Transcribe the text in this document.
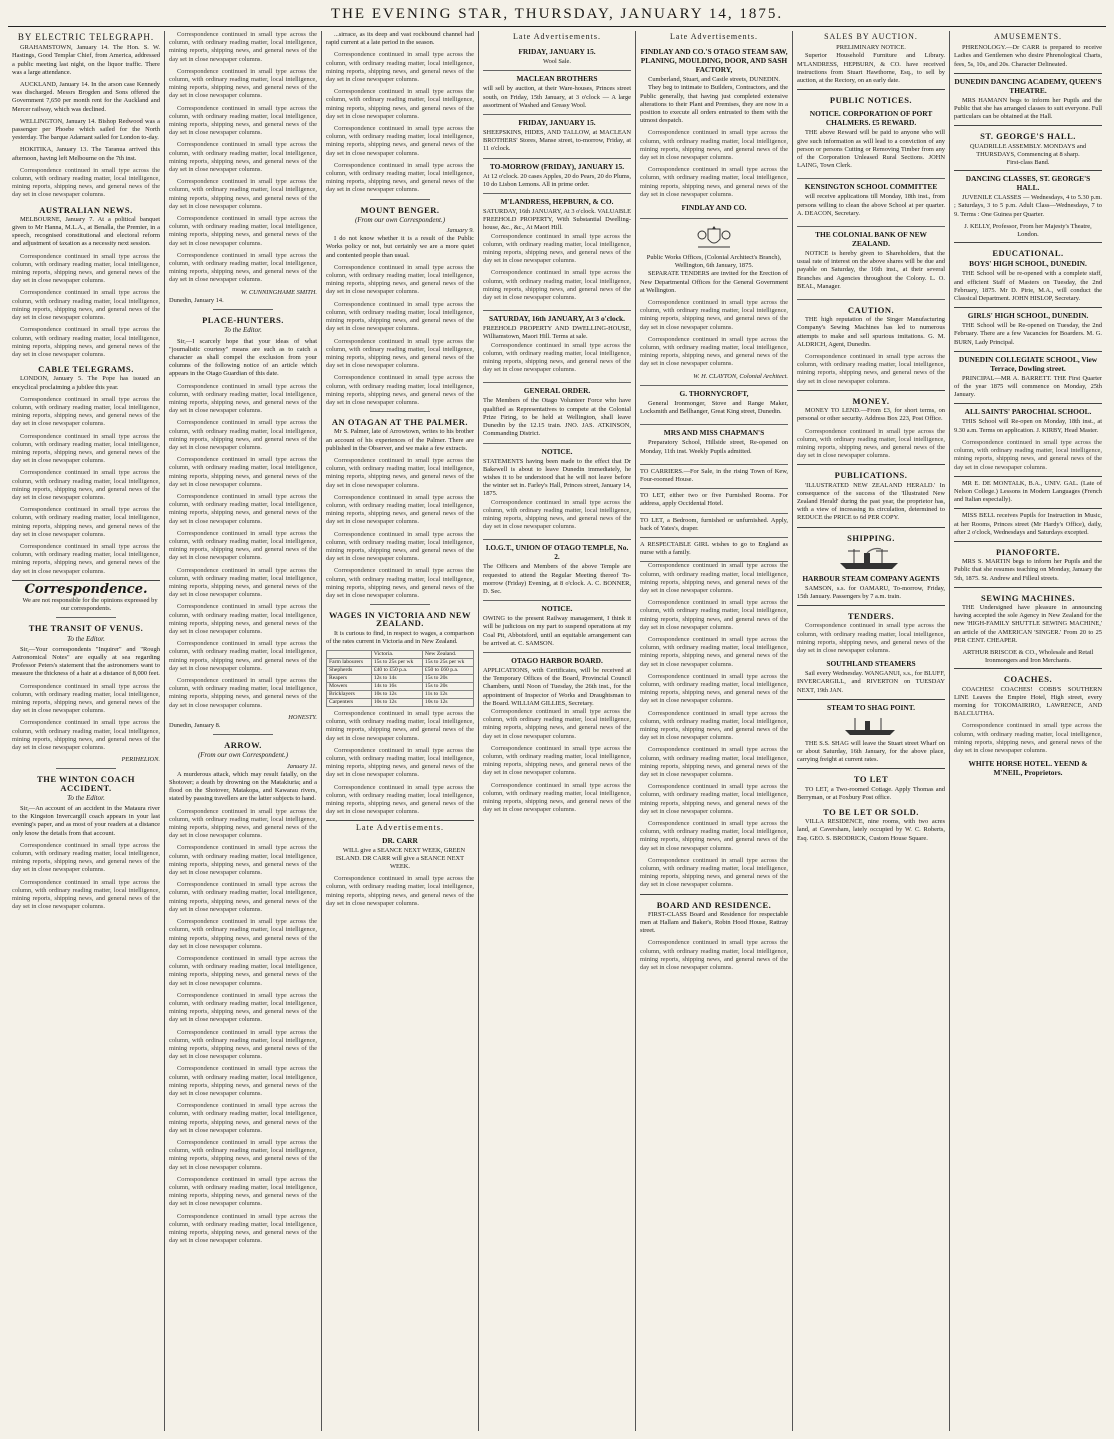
THE EVENING STAR, THURSDAY, JANUARY 14, 1875.
BY ELECTRIC TELEGRAPH.

GRAHAMSTOWN, January 14. The Hon. S. W. Hastings, Good Templar Chief, from America, addressed a public meeting last night, on the liquor traffic. There was a large attendance.

AUCKLAND, January 14. In the arson case Kennedy was discharged. Messrs Brogden and Sons offered the Government 7,650 per month rent for the Auckland and Mercer railway, which was declined.

WELLINGTON, January 14. Bishop Redwood was a passenger per Phoebe which sailed for the North yesterday. The barque Adamant sailed for London to-day.

HOKITIKA, January 13. The Taranua arrived this afternoon, having left Melbourne on the 7th inst.

Correspondence continued in small type across the column, with ordinary reading matter, local intelligence, mining reports, shipping news, and general news of the day set in close newspaper columns.

AUSTRALIAN NEWS.

MELBOURNE, January 7. At a political banquet given to Mr Hanna, M.L.A., at Benalla, the Premier, in a speech, recognised constitutional and electoral reform and adjustment of taxation as a necessity next session.

Correspondence continued in small type across the column, with ordinary reading matter, local intelligence, mining reports, shipping news, and general news of the day set in close newspaper columns.

Correspondence continued in small type across the column, with ordinary reading matter, local intelligence, mining reports, shipping news, and general news of the day set in close newspaper columns.

Correspondence continued in small type across the column, with ordinary reading matter, local intelligence, mining reports, shipping news, and general news of the day set in close newspaper columns.

CABLE TELEGRAMS.

LONDON, January 5. The Pope has issued an encyclical proclaiming a jubilee this year.

Correspondence continued in small type across the column, with ordinary reading matter, local intelligence, mining reports, shipping news, and general news of the day set in close newspaper columns.

Correspondence continued in small type across the column, with ordinary reading matter, local intelligence, mining reports, shipping news, and general news of the day set in close newspaper columns.

Correspondence continued in small type across the column, with ordinary reading matter, local intelligence, mining reports, shipping news, and general news of the day set in close newspaper columns.

Correspondence continued in small type across the column, with ordinary reading matter, local intelligence, mining reports, shipping news, and general news of the day set in close newspaper columns.

Correspondence continued in small type across the column, with ordinary reading matter, local intelligence, mining reports, shipping news, and general news of the day set in close newspaper columns.

Correspondence.

We are not responsible for the opinions expressed by our correspondents.

THE TRANSIT OF VENUS.
To the Editor.

Sir,—Your correspondents "Inquirer" and "Rough Astronomical Notes" are equally at sea regarding Professor Peters's statement that the astronomers want to measure the thickness of a hair at a distance of 8,000 feet.

Correspondence continued in small type across the column, with ordinary reading matter, local intelligence, mining reports, shipping news, and general news of the day set in close newspaper columns.

Correspondence continued in small type across the column, with ordinary reading matter, local intelligence, mining reports, shipping news, and general news of the day set in close newspaper columns.

PERIHELION.
THE WINTON COACH ACCIDENT.
To the Editor.

Sir,—An account of an accident in the Mataura river to the Kingston Invercargill coach appears in your last evening's paper, and as most of your readers at a distance only know the details from that account.

Correspondence continued in small type across the column, with ordinary reading matter, local intelligence, mining reports, shipping news, and general news of the day set in close newspaper columns.

Correspondence continued in small type across the column, with ordinary reading matter, local intelligence, mining reports, shipping news, and general news of the day set in close newspaper columns.

Correspondence continued in small type across the column, with ordinary reading matter, local intelligence, mining reports, shipping news, and general news of the day set in close newspaper columns.

Correspondence continued in small type across the column, with ordinary reading matter, local intelligence, mining reports, shipping news, and general news of the day set in close newspaper columns.

Correspondence continued in small type across the column, with ordinary reading matter, local intelligence, mining reports, shipping news, and general news of the day set in close newspaper columns.

Correspondence continued in small type across the column, with ordinary reading matter, local intelligence, mining reports, shipping news, and general news of the day set in close newspaper columns.

Correspondence continued in small type across the column, with ordinary reading matter, local intelligence, mining reports, shipping news, and general news of the day set in close newspaper columns.

Correspondence continued in small type across the column, with ordinary reading matter, local intelligence, mining reports, shipping news, and general news of the day set in close newspaper columns.

Correspondence continued in small type across the column, with ordinary reading matter, local intelligence, mining reports, shipping news, and general news of the day set in close newspaper columns.

W. CUNNINGHAME SMITH.
Dunedin, January 14.
PLACE-HUNTERS.
To the Editor.

Sir,—I scarcely hope that your ideas of what "journalistic courtesy" means are such as to catch a character as shall compel the exclusion from your columns of the following notice of an article which appears in the Otago Guardian of this date.

Correspondence continued in small type across the column, with ordinary reading matter, local intelligence, mining reports, shipping news, and general news of the day set in close newspaper columns.

Correspondence continued in small type across the column, with ordinary reading matter, local intelligence, mining reports, shipping news, and general news of the day set in close newspaper columns.

Correspondence continued in small type across the column, with ordinary reading matter, local intelligence, mining reports, shipping news, and general news of the day set in close newspaper columns.

Correspondence continued in small type across the column, with ordinary reading matter, local intelligence, mining reports, shipping news, and general news of the day set in close newspaper columns.

Correspondence continued in small type across the column, with ordinary reading matter, local intelligence, mining reports, shipping news, and general news of the day set in close newspaper columns.

Correspondence continued in small type across the column, with ordinary reading matter, local intelligence, mining reports, shipping news, and general news of the day set in close newspaper columns.

Correspondence continued in small type across the column, with ordinary reading matter, local intelligence, mining reports, shipping news, and general news of the day set in close newspaper columns.

Correspondence continued in small type across the column, with ordinary reading matter, local intelligence, mining reports, shipping news, and general news of the day set in close newspaper columns.

Correspondence continued in small type across the column, with ordinary reading matter, local intelligence, mining reports, shipping news, and general news of the day set in close newspaper columns.

HONESTY.
Dunedin, January 8.
ARROW.
(From our own Correspondent.)
January 11.

A murderous attack, which may result fatally, on the Shotover; a death by drowning on the Matakiuria; and a flood on the Shotover, Matakopa, and Kawarau rivers, stated by passing travellers are the latter subjects to hand.

Correspondence continued in small type across the column, with ordinary reading matter, local intelligence, mining reports, shipping news, and general news of the day set in close newspaper columns.

Correspondence continued in small type across the column, with ordinary reading matter, local intelligence, mining reports, shipping news, and general news of the day set in close newspaper columns.

Correspondence continued in small type across the column, with ordinary reading matter, local intelligence, mining reports, shipping news, and general news of the day set in close newspaper columns.

Correspondence continued in small type across the column, with ordinary reading matter, local intelligence, mining reports, shipping news, and general news of the day set in close newspaper columns.

Correspondence continued in small type across the column, with ordinary reading matter, local intelligence, mining reports, shipping news, and general news of the day set in close newspaper columns.

Correspondence continued in small type across the column, with ordinary reading matter, local intelligence, mining reports, shipping news, and general news of the day set in close newspaper columns.

Correspondence continued in small type across the column, with ordinary reading matter, local intelligence, mining reports, shipping news, and general news of the day set in close newspaper columns.

Correspondence continued in small type across the column, with ordinary reading matter, local intelligence, mining reports, shipping news, and general news of the day set in close newspaper columns.

Correspondence continued in small type across the column, with ordinary reading matter, local intelligence, mining reports, shipping news, and general news of the day set in close newspaper columns.

Correspondence continued in small type across the column, with ordinary reading matter, local intelligence, mining reports, shipping news, and general news of the day set in close newspaper columns.

Correspondence continued in small type across the column, with ordinary reading matter, local intelligence, mining reports, shipping news, and general news of the day set in close newspaper columns.

Correspondence continued in small type across the column, with ordinary reading matter, local intelligence, mining reports, shipping news, and general news of the day set in close newspaper columns.

...sirrace, as its deep and vast rockbound channel had rapid current at a late period in the season.

Correspondence continued in small type across the column, with ordinary reading matter, local intelligence, mining reports, shipping news, and general news of the day set in close newspaper columns.

Correspondence continued in small type across the column, with ordinary reading matter, local intelligence, mining reports, shipping news, and general news of the day set in close newspaper columns.

Correspondence continued in small type across the column, with ordinary reading matter, local intelligence, mining reports, shipping news, and general news of the day set in close newspaper columns.

Correspondence continued in small type across the column, with ordinary reading matter, local intelligence, mining reports, shipping news, and general news of the day set in close newspaper columns.

MOUNT BENGER.
(From our own Correspondent.)
January 9.

I do not know whether it is a result of the Public Works policy or not, but certainly we are a more quiet and contented people than usual.

Correspondence continued in small type across the column, with ordinary reading matter, local intelligence, mining reports, shipping news, and general news of the day set in close newspaper columns.

Correspondence continued in small type across the column, with ordinary reading matter, local intelligence, mining reports, shipping news, and general news of the day set in close newspaper columns.

Correspondence continued in small type across the column, with ordinary reading matter, local intelligence, mining reports, shipping news, and general news of the day set in close newspaper columns.

Correspondence continued in small type across the column, with ordinary reading matter, local intelligence, mining reports, shipping news, and general news of the day set in close newspaper columns.

AN OTAGAN AT THE PALMER.

Mr S. Palmer, late of Arrowtown, writes to his brother an account of his experiences of the Palmer. There are published in the Observer, and we make a few extracts.

Correspondence continued in small type across the column, with ordinary reading matter, local intelligence, mining reports, shipping news, and general news of the day set in close newspaper columns.

Correspondence continued in small type across the column, with ordinary reading matter, local intelligence, mining reports, shipping news, and general news of the day set in close newspaper columns.

Correspondence continued in small type across the column, with ordinary reading matter, local intelligence, mining reports, shipping news, and general news of the day set in close newspaper columns.

Correspondence continued in small type across the column, with ordinary reading matter, local intelligence, mining reports, shipping news, and general news of the day set in close newspaper columns.

WAGES IN VICTORIA AND NEW ZEALAND.

It is curious to find, in respect to wages, a comparison of the rates current in Victoria and in New Zealand.

	Victoria.	New Zealand.
Farm labourers	15s to 25s per wk	15s to 25s per wk
Shepherds	£40 to £50 p.a.	£50 to £60 p.a.
Reapers	12s to 14s	15s to 20s
Mowers	14s to 16s	15s to 20s
Bricklayers	10s to 12s	11s to 12s
Carpenters	10s to 12s	10s to 12s

Correspondence continued in small type across the column, with ordinary reading matter, local intelligence, mining reports, shipping news, and general news of the day set in close newspaper columns.

Correspondence continued in small type across the column, with ordinary reading matter, local intelligence, mining reports, shipping news, and general news of the day set in close newspaper columns.

Correspondence continued in small type across the column, with ordinary reading matter, local intelligence, mining reports, shipping news, and general news of the day set in close newspaper columns.

Late Advertisements.
DR. CARR

WILL give a SEANCE NEXT WEEK, GREEN ISLAND. DR CARR will give a SEANCE NEXT WEEK.

Correspondence continued in small type across the column, with ordinary reading matter, local intelligence, mining reports, shipping news, and general news of the day set in close newspaper columns.

Late Advertisements.
FRIDAY, JANUARY 15.
Wool Sale.
MACLEAN BROTHERS
will sell by auction, at their Ware-houses, Princes street south, on Friday, 15th January, at 3 o'clock — A large assortment of Washed and Greasy Wool.
FRIDAY, JANUARY 15.
SHEEPSKINS, HIDES, AND TALLOW, at MACLEAN BROTHERS' Stores, Manse street, to-morrow, Friday, at 11 o'clock.
TO-MORROW (FRIDAY), JANUARY 15.
At 12 o'clock. 20 cases Apples, 20 do Pears, 20 do Plums, 10 do Lisbon Lemons. All in prime order.
M'LANDRESS, HEPBURN, & CO.
SATURDAY, 16th JANUARY, At 3 o'clock. VALUABLE FREEHOLD PROPERTY, With Substantial Dwelling-house, &c., &c., At Maori Hill.

Correspondence continued in small type across the column, with ordinary reading matter, local intelligence, mining reports, shipping news, and general news of the day set in close newspaper columns.

Correspondence continued in small type across the column, with ordinary reading matter, local intelligence, mining reports, shipping news, and general news of the day set in close newspaper columns.

SATURDAY, 16th JANUARY, At 3 o'clock.
FREEHOLD PROPERTY AND DWELLING-HOUSE, Williamstown, Maori Hill. Terms at sale.

Correspondence continued in small type across the column, with ordinary reading matter, local intelligence, mining reports, shipping news, and general news of the day set in close newspaper columns.

GENERAL ORDER.
The Members of the Otago Volunteer Force who have qualified as Representatives to compete at the Colonial Prize Firing, to be held at Wellington, shall leave Dunedin by the 12.15 train. JNO. JAS. ATKINSON, Commanding District.
NOTICE.
STATEMENTS having been made to the effect that Dr Bakewell is about to leave Dunedin immediately, he wishes it to be understood that he will not leave before the winter set in. Farley's Hall, Princes street, January 14, 1875.

Correspondence continued in small type across the column, with ordinary reading matter, local intelligence, mining reports, shipping news, and general news of the day set in close newspaper columns.

I.O.G.T., UNION OF OTAGO TEMPLE, No. 2.
The Officers and Members of the above Temple are requested to attend the Regular Meeting thereof To-morrow (Friday) Evening, at 8 o'clock. A. C. BONNER, D. Sec.
NOTICE.
OWING to the present Railway management, I think it will be judicious on my part to suspend operations at my Coal Pit, Abbotsford, until an equitable arrangement can be arrived at. C. SAMSON.
OTAGO HARBOR BOARD.
APPLICATIONS, with Certificates, will be received at the Temporary Offices of the Board, Provincial Council Chambers, until Noon of Tuesday, the 26th inst., for the appointment of Inspector of Works and Draughtsman to the Board. WILLIAM GILLIES, Secretary.

Correspondence continued in small type across the column, with ordinary reading matter, local intelligence, mining reports, shipping news, and general news of the day set in close newspaper columns.

Correspondence continued in small type across the column, with ordinary reading matter, local intelligence, mining reports, shipping news, and general news of the day set in close newspaper columns.

Correspondence continued in small type across the column, with ordinary reading matter, local intelligence, mining reports, shipping news, and general news of the day set in close newspaper columns.

Late Advertisements.
FINDLAY AND CO.'S OTAGO STEAM SAW, PLANING, MOULDING, DOOR, AND SASH FACTORY,
Cumberland, Stuart, and Castle streets, DUNEDIN.

They beg to intimate to Builders, Contractors, and the Public generally, that having just completed extensive alterations to their Plant and Premises, they are now in a position to execute all orders entrusted to them with the utmost despatch.

Correspondence continued in small type across the column, with ordinary reading matter, local intelligence, mining reports, shipping news, and general news of the day set in close newspaper columns.

Correspondence continued in small type across the column, with ordinary reading matter, local intelligence, mining reports, shipping news, and general news of the day set in close newspaper columns.

FINDLAY AND CO.
Public Works Offices, (Colonial Architect's Branch), Wellington, 6th January, 1875.

SEPARATE TENDERS are invited for the Erection of New Departmental Offices for the General Government at Wellington.

Correspondence continued in small type across the column, with ordinary reading matter, local intelligence, mining reports, shipping news, and general news of the day set in close newspaper columns.

Correspondence continued in small type across the column, with ordinary reading matter, local intelligence, mining reports, shipping news, and general news of the day set in close newspaper columns.

W. H. CLAYTON, Colonial Architect.
G. THORNYCROFT,

General Ironmonger, Stove and Range Maker, Locksmith and Bellhanger, Great King street, Dunedin.

MRS AND MISS CHAPMAN'S

Preparatory School, Hillside street, Re-opened on Monday, 11th inst. Weekly Pupils admitted.

TO CARRIERS.—For Sale, in the rising Town of Kew, Four-roomed House.
TO LET, either two or five Furnished Rooms. For address, apply Occidental Hotel.
TO LET, a Bedroom, furnished or unfurnished. Apply, back of Yates's, draper.
A RESPECTABLE GIRL wishes to go to England as nurse with a family.

Correspondence continued in small type across the column, with ordinary reading matter, local intelligence, mining reports, shipping news, and general news of the day set in close newspaper columns.

Correspondence continued in small type across the column, with ordinary reading matter, local intelligence, mining reports, shipping news, and general news of the day set in close newspaper columns.

Correspondence continued in small type across the column, with ordinary reading matter, local intelligence, mining reports, shipping news, and general news of the day set in close newspaper columns.

Correspondence continued in small type across the column, with ordinary reading matter, local intelligence, mining reports, shipping news, and general news of the day set in close newspaper columns.

Correspondence continued in small type across the column, with ordinary reading matter, local intelligence, mining reports, shipping news, and general news of the day set in close newspaper columns.

Correspondence continued in small type across the column, with ordinary reading matter, local intelligence, mining reports, shipping news, and general news of the day set in close newspaper columns.

Correspondence continued in small type across the column, with ordinary reading matter, local intelligence, mining reports, shipping news, and general news of the day set in close newspaper columns.

Correspondence continued in small type across the column, with ordinary reading matter, local intelligence, mining reports, shipping news, and general news of the day set in close newspaper columns.

Correspondence continued in small type across the column, with ordinary reading matter, local intelligence, mining reports, shipping news, and general news of the day set in close newspaper columns.

BOARD AND RESIDENCE.

FIRST-CLASS Board and Residence for respectable men at Hallam and Baker's, Robin Hood House, Rattray street.

Correspondence continued in small type across the column, with ordinary reading matter, local intelligence, mining reports, shipping news, and general news of the day set in close newspaper columns.

SALES BY AUCTION.
PRELIMINARY NOTICE.

Superior Household Furniture and Library. M'LANDRESS, HEPBURN, & CO. have received instructions from Stuart Hawthorne, Esq., to sell by auction, at the Rectory, on an early date.

PUBLIC NOTICES.
NOTICE. CORPORATION OF PORT CHALMERS. £5 REWARD.

THE above Reward will be paid to anyone who will give such information as will lead to a conviction of any person or persons Cutting or Removing Timber from any of the Corporation Unleased Rural Sections. JOHN LAING, Town Clerk.

KENSINGTON SCHOOL COMMITTEE

will receive applications till Monday, 18th inst., from persons willing to clean the above School at per quarter. A. DEACON, Secretary.

THE COLONIAL BANK OF NEW ZEALAND.

NOTICE is hereby given to Shareholders, that the usual rate of interest on the above shares will be due and payable on Saturday, the 16th inst., at their several Branches and Agencies throughout the Colony. L. O. BEAL, Manager.

CAUTION.

THE high reputation of the Singer Manufacturing Company's Sewing Machines has led to numerous attempts to make and sell spurious imitations. G. M. ALDRICH, Agent, Dunedin.

Correspondence continued in small type across the column, with ordinary reading matter, local intelligence, mining reports, shipping news, and general news of the day set in close newspaper columns.

MONEY.

MONEY TO LEND.—From £3, for short terms, on personal or other security. Address Box 223, Post Office.

Correspondence continued in small type across the column, with ordinary reading matter, local intelligence, mining reports, shipping news, and general news of the day set in close newspaper columns.

PUBLICATIONS.

'ILLUSTRATED NEW ZEALAND HERALD.' In consequence of the success of the 'Illustrated New Zealand Herald' during the past year, the proprietor has, with a view of increasing its circulation, determined to REDUCE the PRICE to 6d PER COPY.

SHIPPING.
HARBOUR STEAM COMPANY AGENTS

SAMSON, s.s. for OAMARU, To-morrow, Friday, 15th January. Passengers by 7 a.m. train.

TENDERS.

Correspondence continued in small type across the column, with ordinary reading matter, local intelligence, mining reports, shipping news, and general news of the day set in close newspaper columns.

SOUTHLAND STEAMERS

Sail every Wednesday. WANGANUI, s.s., for BLUFF, INVERCARGILL, and RIVERTON on TUESDAY NEXT, 19th JAN.

STEAM TO SHAG POINT.

THE S.S. SHAG will leave the Stuart street Wharf on or about Saturday, 16th January, for the above place, carrying freight at current rates.

TO LET

TO LET, a Two-roomed Cottage. Apply Thomas and Berryman, or at Foxbury Post office.

TO BE LET OR SOLD.

VILLA RESIDENCE, nine rooms, with two acres land, at Caversham, lately occupied by W. C. Roberts, Esq. GEO. S. BRODRICK, Custom House Square.

AMUSEMENTS.

PHRENOLOGY.—Dr CARR is prepared to receive Ladies and Gentlemen who desire Phrenological Charts, fees, 5s, 10s, and 20s. Character Delineated.

DUNEDIN DANCING ACADEMY, QUEEN'S THEATRE.

MRS HAMANN begs to inform her Pupils and the Public that she has arranged classes to suit everyone. Full particulars can be obtained at the Hall.

ST. GEORGE'S HALL.
QUADRILLE ASSEMBLY. MONDAYS and THURSDAYS, Commencing at 8 sharp.
First-class Band.
DANCING CLASSES, ST. GEORGE'S HALL.

JUVENILE CLASSES — Wednesdays, 4 to 5.30 p.m. ; Saturdays, 3 to 5 p.m. Adult Class—Wednesdays, 7 to 9. Terms : One Guinea per Quarter.

J. KELLY, Professor, From her Majesty's Theatre, London.
EDUCATIONAL.
BOYS' HIGH SCHOOL, DUNEDIN.

THE School will be re-opened with a complete staff, and efficient Staff of Masters on Tuesday, the 2nd February, 1875. Mr D. Pirie, M.A., will conduct the Classical Department. JOHN HISLOP, Secretary.

GIRLS' HIGH SCHOOL, DUNEDIN.

THE School will be Re-opened on Tuesday, the 2nd February. There are a few Vacancies for Boarders. M. G. BURN, Lady Principal.

DUNEDIN COLLEGIATE SCHOOL, View Terrace, Dowling street.

PRINCIPAL—MR A. BARRETT. THE First Quarter of the year 1875 will commence on Monday, 25th January.

ALL SAINTS' PAROCHIAL SCHOOL.

THIS School will Re-open on Monday, 18th inst., at 9.30 a.m. Terms on application. J. KIRBY, Head Master.

Correspondence continued in small type across the column, with ordinary reading matter, local intelligence, mining reports, shipping news, and general news of the day set in close newspaper columns.

MR E. DE MONTALK, B.A., UNIV. GAL. (Late of Nelson College.) Lessons in Modern Languages (French and Italian especially).

MISS BELL receives Pupils for Instruction in Music, at her Rooms, Princes street (Mr Hardy's Office), daily, after 2 o'clock, Wednesdays and Saturdays excepted.

PIANOFORTE.

MRS S. MARTIN begs to inform her Pupils and the Public that she resumes teaching on Monday, January the 5th, 1875. St. Andrew and Filleul streets.

SEWING MACHINES.

THE Undersigned have pleasure in announcing having accepted the sole Agency in New Zealand for the new 'HIGH-FAMILY SHUTTLE SEWING MACHINE,' an article of the AMERICAN 'SINGER.' From 20 to 25 PER CENT. CHEAPER.

ARTHUR BRISCOE & CO., Wholesale and Retail Ironmongers and Iron Merchants.
COACHES.

COACHES! COACHES! COBB'S SOUTHERN LINE Leaves the Empire Hotel, High street, every morning for TOKOMAIRIRO, LAWRENCE, AND BALCLUTHA.

Correspondence continued in small type across the column, with ordinary reading matter, local intelligence, mining reports, shipping news, and general news of the day set in close newspaper columns.

WHITE HORSE HOTEL. YEEND & M'NEIL, Proprietors.
